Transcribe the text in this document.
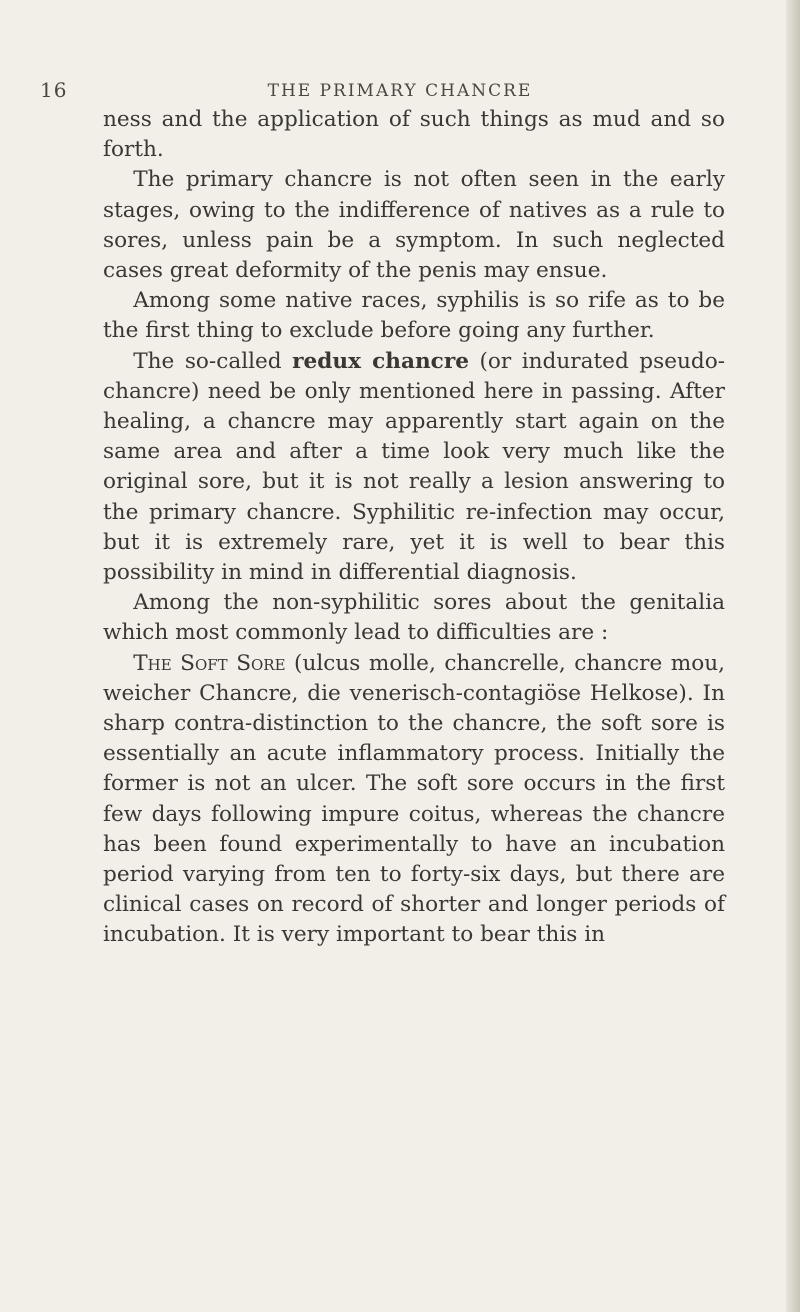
16	THE PRIMARY CHANCRE

ness and the application of such things as mud and so forth.

The primary chancre is not often seen in the early stages, owing to the indifference of natives as a rule to sores, unless pain be a symptom. In such neglected cases great deformity of the penis may ensue.

Among some native races, syphilis is so rife as to be the first thing to exclude before going any further.

The so-called redux chancre (or indurated pseudo-chancre) need be only mentioned here in passing. After healing, a chancre may apparently start again on the same area and after a time look very much like the original sore, but it is not really a lesion answering to the primary chancre. Syphilitic re-infection may occur, but it is extremely rare, yet it is well to bear this possibility in mind in differential diagnosis.

Among the non-syphilitic sores about the genitalia which most commonly lead to difficulties are :

The Soft Sore (ulcus molle, chancrelle, chancre mou, weicher Chancre, die venerisch-contagiöse Helkose). In sharp contra-distinction to the chancre, the soft sore is essentially an acute inflammatory process. Initially the former is not an ulcer. The soft sore occurs in the first few days following impure coitus, whereas the chancre has been found experimentally to have an incubation period varying from ten to forty-six days, but there are clinical cases on record of shorter and longer periods of incubation. It is very important to bear this in
